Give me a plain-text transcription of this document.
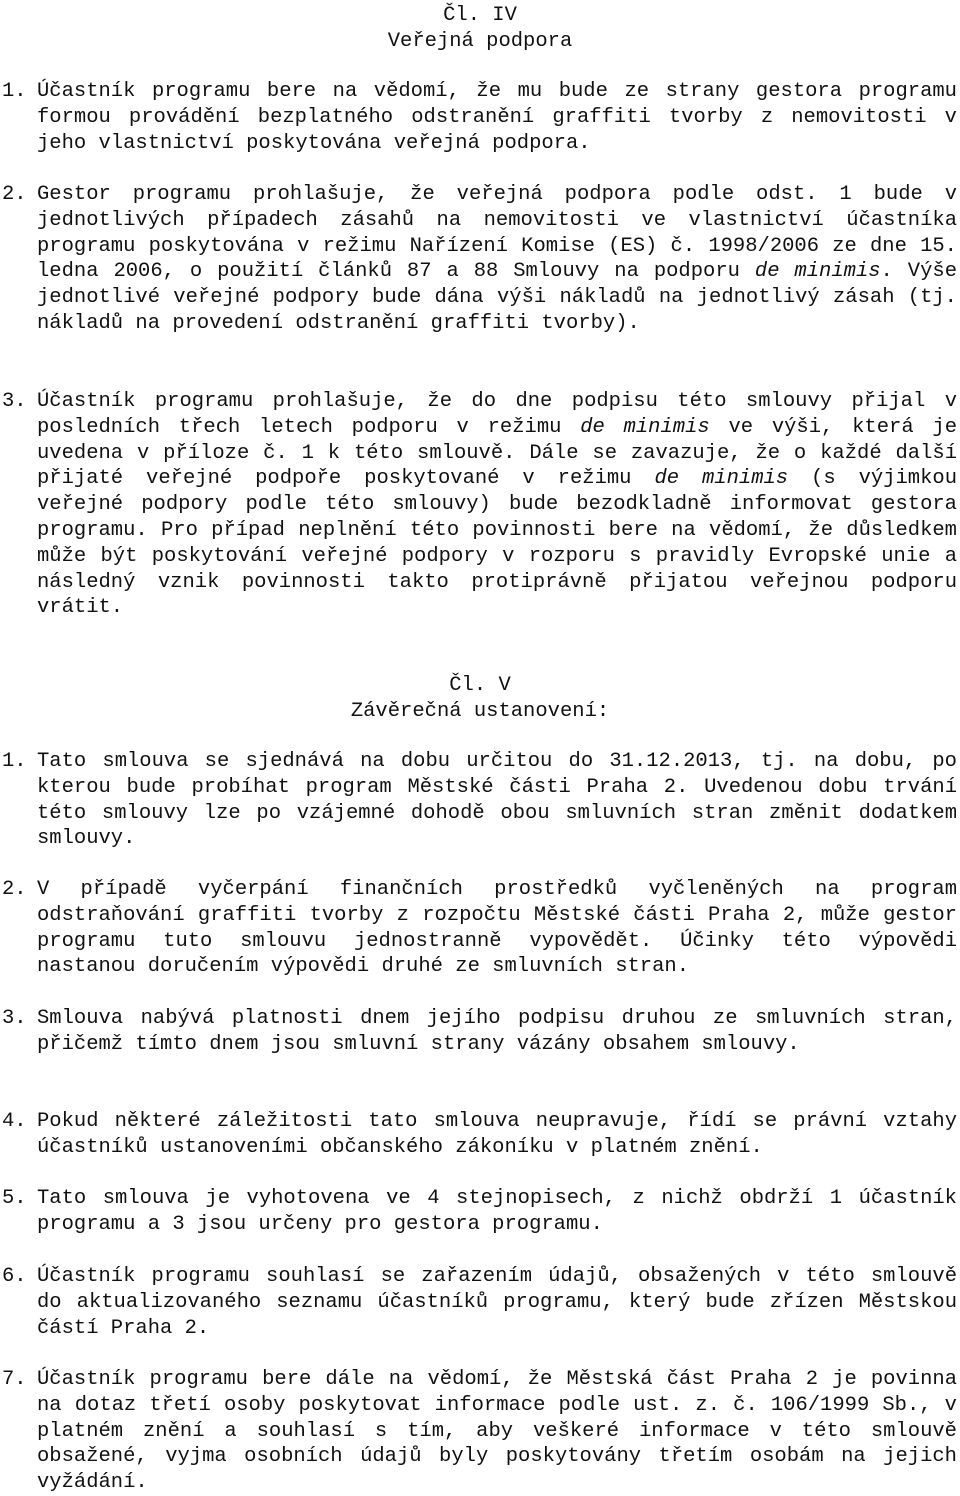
Čl. IV

Veřejná podpora

1. Účastník programu bere na vědomí, že mu bude ze strany gestora programu formou provádění bezplatného odstranění graffiti tvorby z nemovitosti v jeho vlastnictví poskytována veřejná podpora.
2. Gestor programu prohlašuje, že veřejná podpora podle odst. 1 bude v jednotlivých případech zásahů na nemovitosti ve vlastnictví účastníka programu poskytována v režimu Nařízení Komise (ES) č. 1998/2006 ze dne 15. ledna 2006, o použití článků 87 a 88 Smlouvy na podporu de minimis. Výše jednotlivé veřejné podpory bude dána výši nákladů na jednotlivý zásah (tj. nákladů na provedení odstranění graffiti tvorby).
3. Účastník programu prohlašuje, že do dne podpisu této smlouvy přijal v posledních třech letech podporu v režimu de minimis ve výši, která je uvedena v příloze č. 1 k této smlouvě. Dále se zavazuje, že o každé další přijaté veřejné podpoře poskytované v režimu de minimis (s výjimkou veřejné podpory podle této smlouvy) bude bezodkladně informovat gestora programu. Pro případ neplnění této povinnosti bere na vědomí, že důsledkem může být poskytování veřejné podpory v rozporu s pravidly Evropské unie a následný vznik povinnosti takto protiprávně přijatou veřejnou podporu vrátit.

Čl. V

Závěrečná ustanovení:

1. Tato smlouva se sjednává na dobu určitou do 31.12.2013, tj. na dobu, po kterou bude probíhat program Městské části Praha 2. Uvedenou dobu trvání této smlouvy lze po vzájemné dohodě obou smluvních stran změnit dodatkem smlouvy.
2. V případě vyčerpání finančních prostředků vyčleněných na program odstraňování graffiti tvorby z rozpočtu Městské části Praha 2, může gestor programu tuto smlouvu jednostranně vypovědět. Účinky této výpovědi nastanou doručením výpovědi druhé ze smluvních stran.
3. Smlouva nabývá platnosti dnem jejího podpisu druhou ze smluvních stran, přičemž tímto dnem jsou smluvní strany vázány obsahem smlouvy.
4. Pokud některé záležitosti tato smlouva neupravuje, řídí se právní vztahy účastníků ustanoveními občanského zákoníku v platném znění.
5. Tato smlouva je vyhotovena ve 4 stejnopisech, z nichž obdrží 1 účastník programu a 3 jsou určeny pro gestora programu.
6. Účastník programu souhlasí se zařazením údajů, obsažených v této smlouvě do aktualizovaného seznamu účastníků programu, který bude zřízen Městskou částí Praha 2.
7. Účastník programu bere dále na vědomí, že Městská část Praha 2 je povinna na dotaz třetí osoby poskytovat informace podle ust. z. č. 106/1999 Sb., v platném znění a souhlasí s tím, aby veškeré informace v této smlouvě obsažené, vyjma osobních údajů byly poskytovány třetím osobám na jejich vyžádání.
